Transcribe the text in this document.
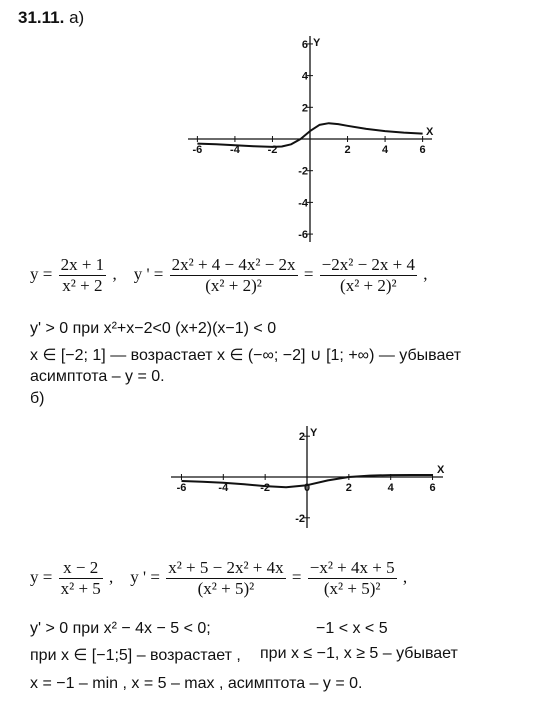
31.11. а)
X
Y
-6	-4	-2	2	4	6
6
4
2
-2
-4
-6
$y = \frac{2x + 1}{\text{x² + 2}}$ , y ' = $\frac{\text{2x² + 4 − 4x² − 2x}}{\text{(x² + 2)²}} = \frac{\text{−2x² − 2x + 4}}{\text{(x² + 2)²}}$ ,
y' > 0 при x²+x−2<0 (x+2)(x−1) < 0
x ∈ [−2; 1] — возрастает x ∈ (−∞; −2] ∪ [1; +∞) — убывает
асимптота – y = 0.
б)
X
Y
-6	-4	-2	0	2	4	6
2
-2
$y = \frac{x - 2}{\text{x² + 5}}$ , y ' = $\frac{\text{x² + 5 − 2x² + 4x}}{\text{(x² + 5)²}} = \frac{\text{−x² + 4x + 5}}{\text{(x² + 5)²}}$ ,
y' > 0 при x² − 4x − 5 < 0;	−1 < x < 5
при x ∈ [−1;5] – возрастает , при x ≤ −1, x ≥ 5 – убывает
x = −1 – min , x = 5 – max , асимптота – y = 0.
